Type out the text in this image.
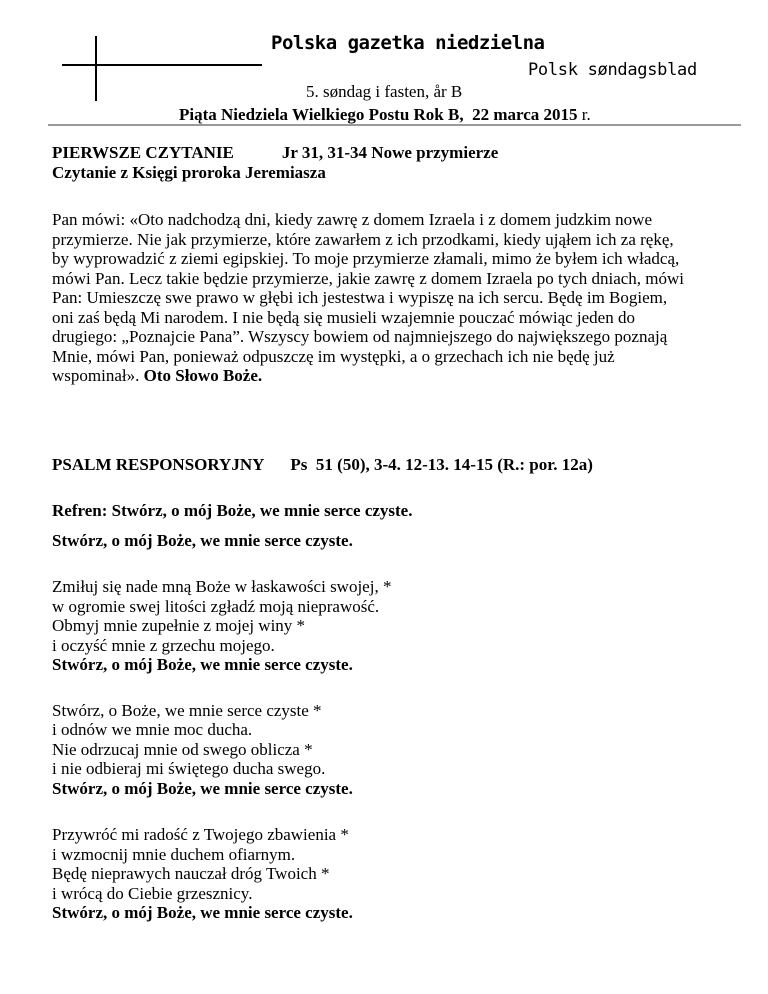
Polska gazetka niedzielna
Polsk søndagsblad
5. søndag i fasten, år B
Piąta Niedziela Wielkiego Postu Rok B,  22 marca 2015 r.
PIERWSZE CZYTANIE	Jr 31, 31-34 Nowe przymierze
Czytanie z Księgi proroka Jeremiasza
Pan mówi: «Oto nadchodzą dni, kiedy zawrę z domem Izraela i z domem judzkim nowe
przymierze. Nie jak przymierze, które zawarłem z ich przodkami, kiedy ująłem ich za rękę,
by wyprowadzić z ziemi egipskiej. To moje przymierze złamali, mimo że byłem ich władcą,
mówi Pan. Lecz takie będzie przymierze, jakie zawrę z domem Izraela po tych dniach, mówi
Pan: Umieszczę swe prawo w głębi ich jestestwa i wypiszę na ich sercu. Będę im Bogiem,
oni zaś będą Mi narodem. I nie będą się musieli wzajemnie pouczać mówiąc jeden do
drugiego: „Poznajcie Pana”. Wszyscy bowiem od najmniejszego do największego poznają
Mnie, mówi Pan, ponieważ odpuszczę im występki, a o grzechach ich nie będę już
wspominał». Oto Słowo Boże.
PSALM RESPONSORYJNY Ps  51 (50), 3-4. 12-13. 14-15 (R.: por. 12a)
Refren: Stwórz, o mój Boże, we mnie serce czyste.
Stwórz, o mój Boże, we mnie serce czyste.
Zmiłuj się nade mną Boże w łaskawości swojej, *
w ogromie swej litości zgładź moją nieprawość.
Obmyj mnie zupełnie z mojej winy *
i oczyść mnie z grzechu mojego.
Stwórz, o mój Boże, we mnie serce czyste.
Stwórz, o Boże, we mnie serce czyste *
i odnów we mnie moc ducha.
Nie odrzucaj mnie od swego oblicza *
i nie odbieraj mi świętego ducha swego.
Stwórz, o mój Boże, we mnie serce czyste.
Przywróć mi radość z Twojego zbawienia *
i wzmocnij mnie duchem ofiarnym.
Będę nieprawych nauczał dróg Twoich *
i wrócą do Ciebie grzesznicy.
Stwórz, o mój Boże, we mnie serce czyste.
